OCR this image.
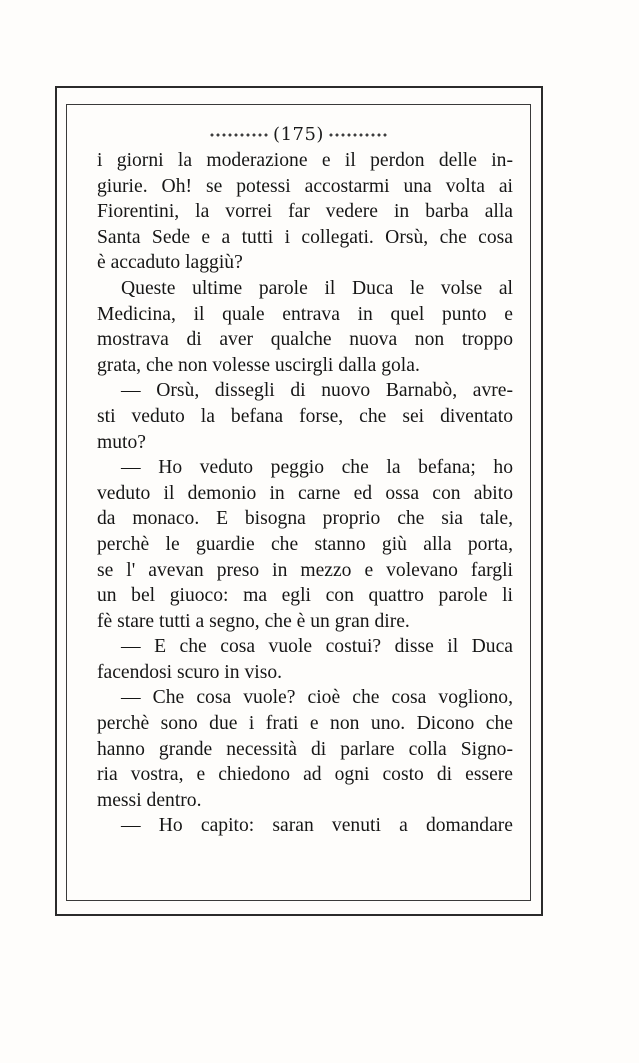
(175)
i giorni la moderazione e il perdon delle in-
giurie. Oh! se potessi accostarmi una volta ai
Fiorentini, la vorrei far vedere in barba alla
Santa Sede e a tutti i collegati. Orsù, che cosa
è accaduto laggiù?
Queste ultime parole il Duca le volse al
Medicina, il quale entrava in quel punto e
mostrava di aver qualche nuova non troppo
grata, che non volesse uscirgli dalla gola.
— Orsù, dissegli di nuovo Barnabò, avre-
sti veduto la befana forse, che sei diventato
muto?
— Ho veduto peggio che la befana; ho
veduto il demonio in carne ed ossa con abito
da monaco. E bisogna proprio che sia tale,
perchè le guardie che stanno giù alla porta,
se l' avevan preso in mezzo e volevano fargli
un bel giuoco: ma egli con quattro parole li
fè stare tutti a segno, che è un gran dire.
— E che cosa vuole costui? disse il Duca
facendosi scuro in viso.
— Che cosa vuole? cioè che cosa vogliono,
perchè sono due i frati e non uno. Dicono che
hanno grande necessità di parlare colla Signo-
ria vostra, e chiedono ad ogni costo di essere
messi dentro.
— Ho capito: saran venuti a domandare
